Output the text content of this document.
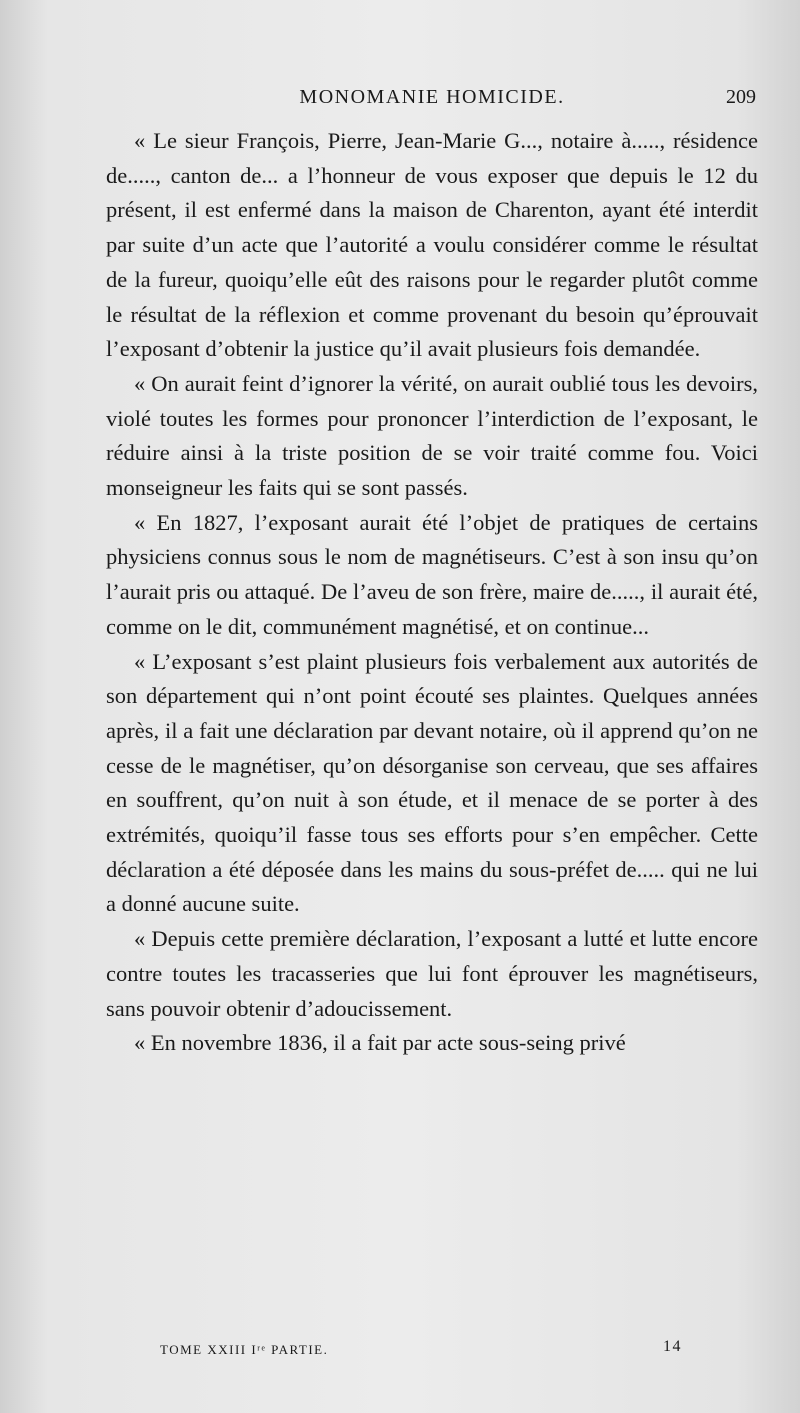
MONOMANIE HOMICIDE.	209

« Le sieur François, Pierre, Jean-Marie G..., notaire à....., résidence de....., canton de... a l’honneur de vous exposer que depuis le 12 du présent, il est enfermé dans la maison de Charenton, ayant été interdit par suite d’un acte que l’autorité a voulu considérer comme le résultat de la fureur, quoiqu’elle eût des raisons pour le regarder plutôt comme le résultat de la réflexion et comme provenant du besoin qu’éprouvait l’exposant d’obtenir la justice qu’il avait plusieurs fois demandée.

« On aurait feint d’ignorer la vérité, on aurait oublié tous les devoirs, violé toutes les formes pour prononcer l’interdiction de l’exposant, le réduire ainsi à la triste position de se voir traité comme fou. Voici monseigneur les faits qui se sont passés.

« En 1827, l’exposant aurait été l’objet de pratiques de certains physiciens connus sous le nom de magnétiseurs. C’est à son insu qu’on l’aurait pris ou attaqué. De l’aveu de son frère, maire de....., il aurait été, comme on le dit, communément magnétisé, et on continue...

« L’exposant s’est plaint plusieurs fois verbalement aux autorités de son département qui n’ont point écouté ses plaintes. Quelques années après, il a fait une déclaration par devant notaire, où il apprend qu’on ne cesse de le magnétiser, qu’on désorganise son cerveau, que ses affaires en souffrent, qu’on nuit à son étude, et il menace de se porter à des extrémités, quoiqu’il fasse tous ses efforts pour s’en empêcher. Cette déclaration a été déposée dans les mains du sous-préfet de..... qui ne lui a donné aucune suite.

« Depuis cette première déclaration, l’exposant a lutté et lutte encore contre toutes les tracasseries que lui font éprouver les magnétiseurs, sans pouvoir obtenir d’adoucissement.

« En novembre 1836, il a fait par acte sous-seing privé

TOME XXIII Iʳᵉ PARTIE.	14
